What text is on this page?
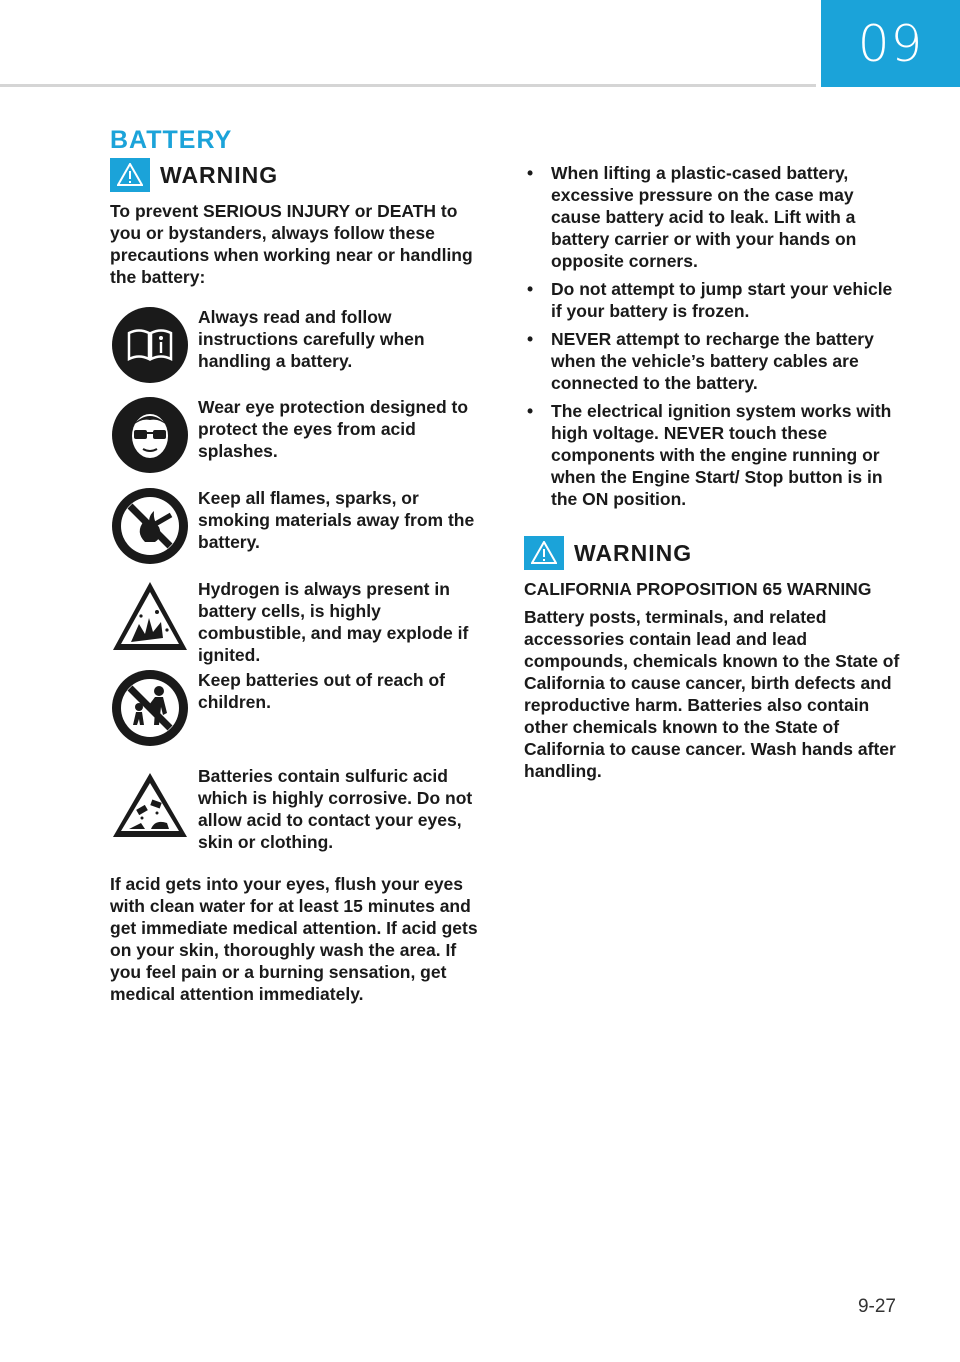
09
BATTERY
WARNING

To prevent SERIOUS INJURY or DEATH to you or bystanders, always follow these precautions when working near or handling the battery:

Always read and follow instructions carefully when handling a battery.

Wear eye protection designed to protect the eyes from acid splashes.

Keep all flames, sparks, or smoking materials away from the battery.

Hydrogen is always present in battery cells, is highly combustible, and may explode if ignited.

Keep batteries out of reach of children.

Batteries contain sulfuric acid which is highly corrosive. Do not allow acid to contact your eyes, skin or clothing.

If acid gets into your eyes, flush your eyes with clean water for at least 15 minutes and get immediate medical attention. If acid gets on your skin, thoroughly wash the area. If you feel pain or a burning sensation, get medical attention immediately.

• When lifting a plastic-cased battery, excessive pressure on the case may cause battery acid to leak. Lift with a battery carrier or with your hands on opposite corners.
• Do not attempt to jump start your vehicle if your battery is frozen.
• NEVER attempt to recharge the battery when the vehicle’s battery cables are connected to the battery.
• The electrical ignition system works with high voltage. NEVER touch these components with the engine running or when the Engine Start/ Stop button is in the ON position.
WARNING

CALIFORNIA PROPOSITION 65 WARNING

Battery posts, terminals, and related accessories contain lead and lead compounds, chemicals known to the State of California to cause cancer, birth defects and reproductive harm. Batteries also contain other chemicals known to the State of California to cause cancer. Wash hands after handling.

9-27
